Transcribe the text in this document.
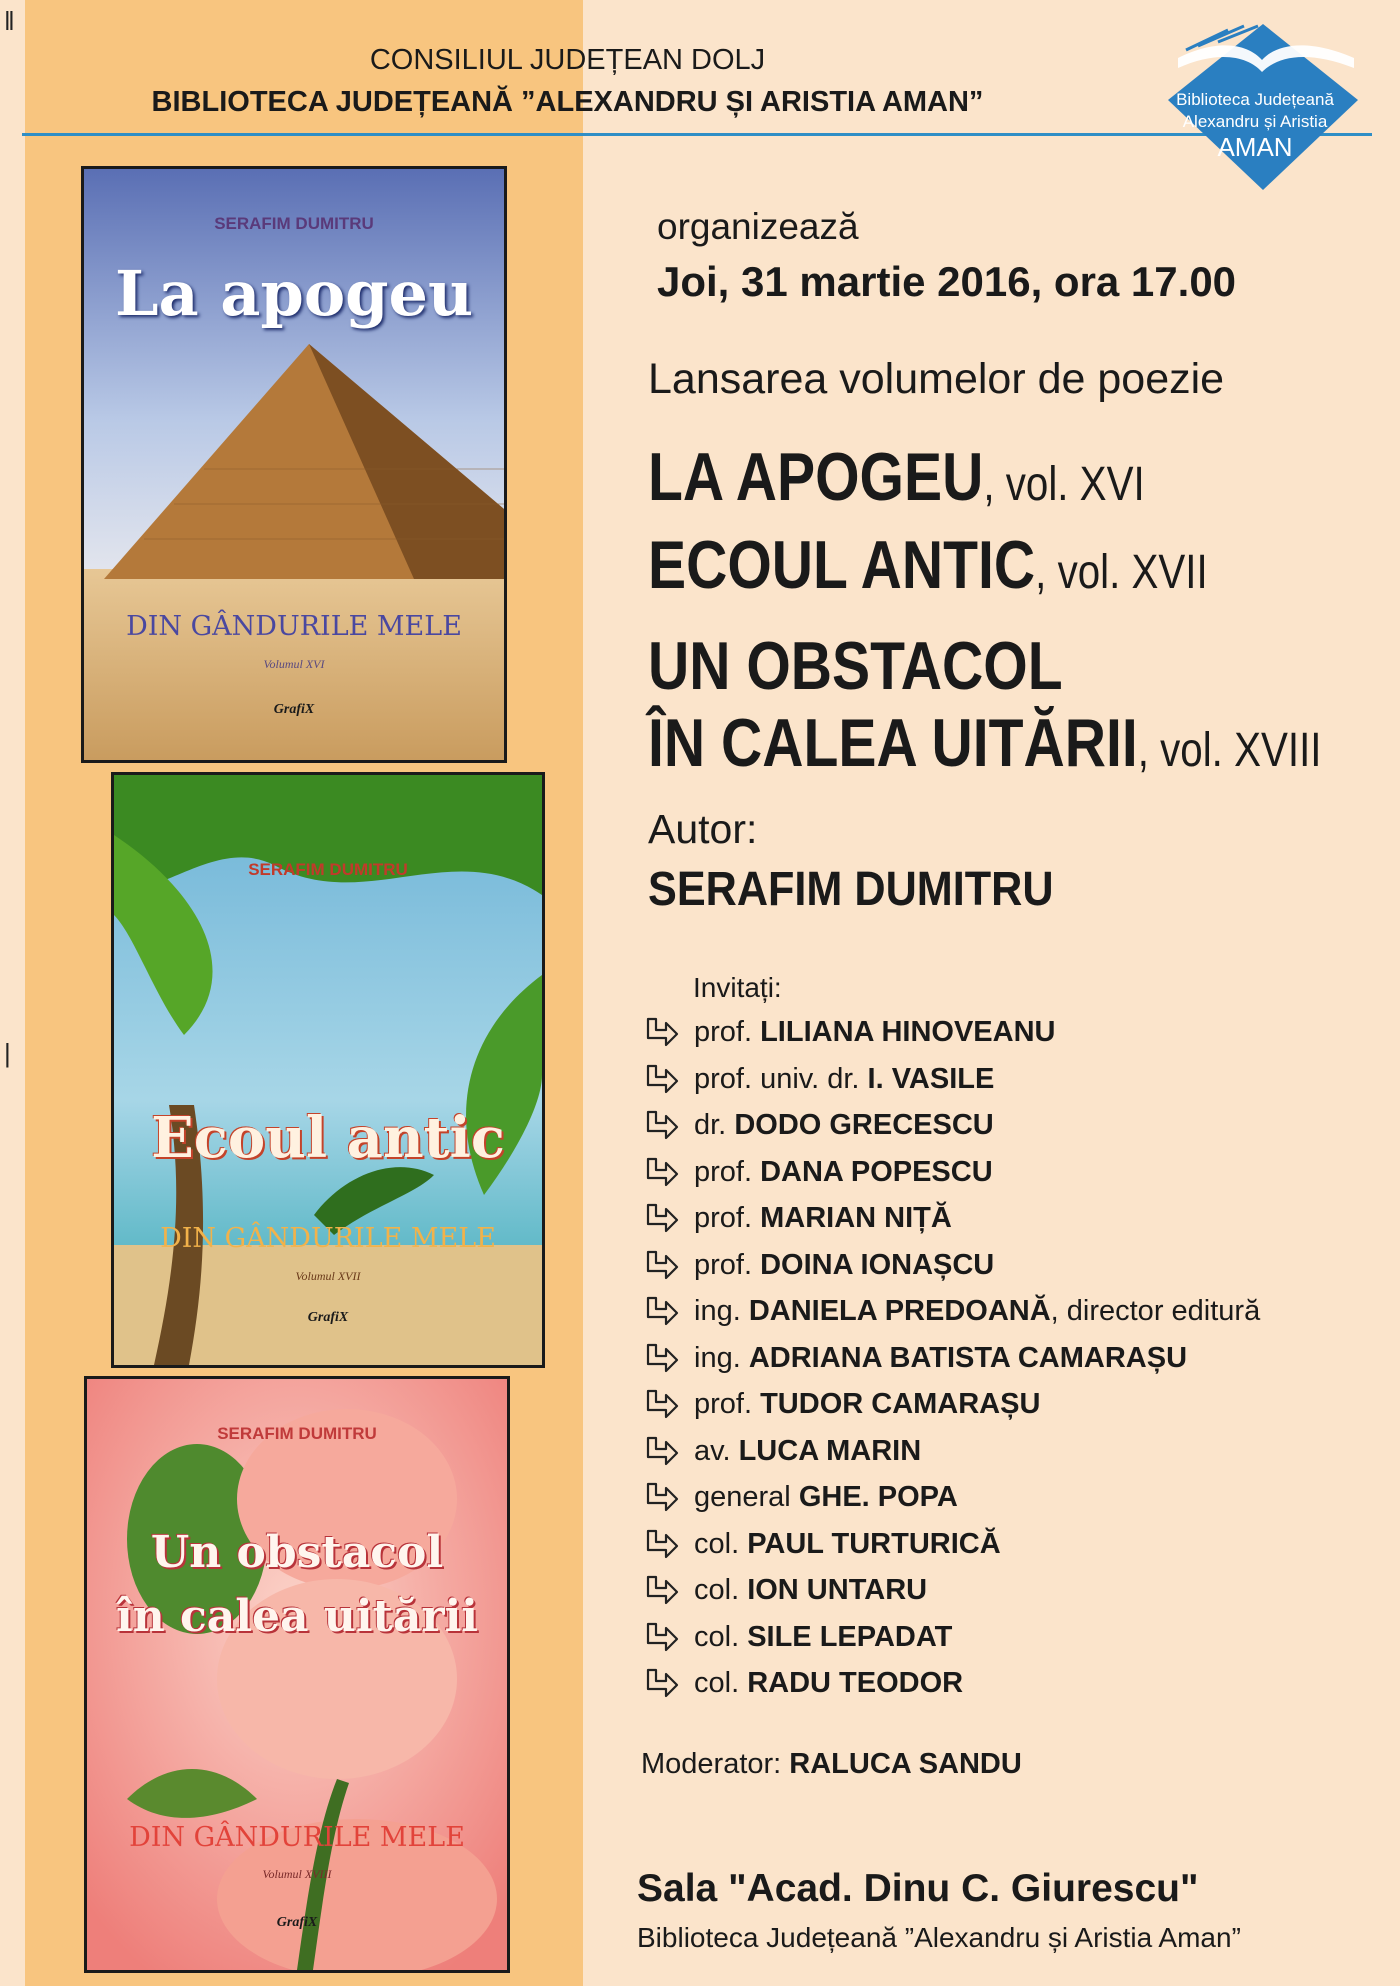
‖
|
CONSILIUL JUDEȚEAN DOLJ
BIBLIOTECA JUDEȚEANĂ ”ALEXANDRU ȘI ARISTIA AMAN”	Biblioteca Județeană
Alexandru și Aristia
AMAN
SERAFIM DUMITRU
La apogeu
DIN GÂNDURILE MELE
Volumul XVI
GrafiX
SERAFIM DUMITRU
Ecoul antic
DIN GÂNDURILE MELE
Volumul XVII
GrafiX
SERAFIM DUMITRU
Un obstacol
în calea uitării
DIN GÂNDURILE MELE
Volumul XVIII
GrafiX
organizează
Joi, 31 martie 2016, ora 17.00
Lansarea volumelor de poezie
LA APOGEU, vol. XVI
ECOUL ANTIC, vol. XVII
UN OBSTACOL
ÎN CALEA UITĂRII, vol. XVIII
Autor:
SERAFIM DUMITRU
Invitați:
prof. LILIANA HINOVEANU
prof. univ. dr. I. VASILE
dr. DODO GRECESCU
prof. DANA POPESCU
prof. MARIAN NIȚĂ
prof. DOINA IONAȘCU
ing. DANIELA PREDOANĂ, director editură
ing. ADRIANA BATISTA CAMARAȘU
prof. TUDOR CAMARAȘU
av. LUCA MARIN
general GHE. POPA
col. PAUL TURTURICĂ
col. ION UNTARU
col. SILE LEPADAT
col. RADU TEODOR
Moderator: RALUCA SANDU
Sala "Acad. Dinu C. Giurescu"
Biblioteca Județeană ”Alexandru și Aristia Aman”
